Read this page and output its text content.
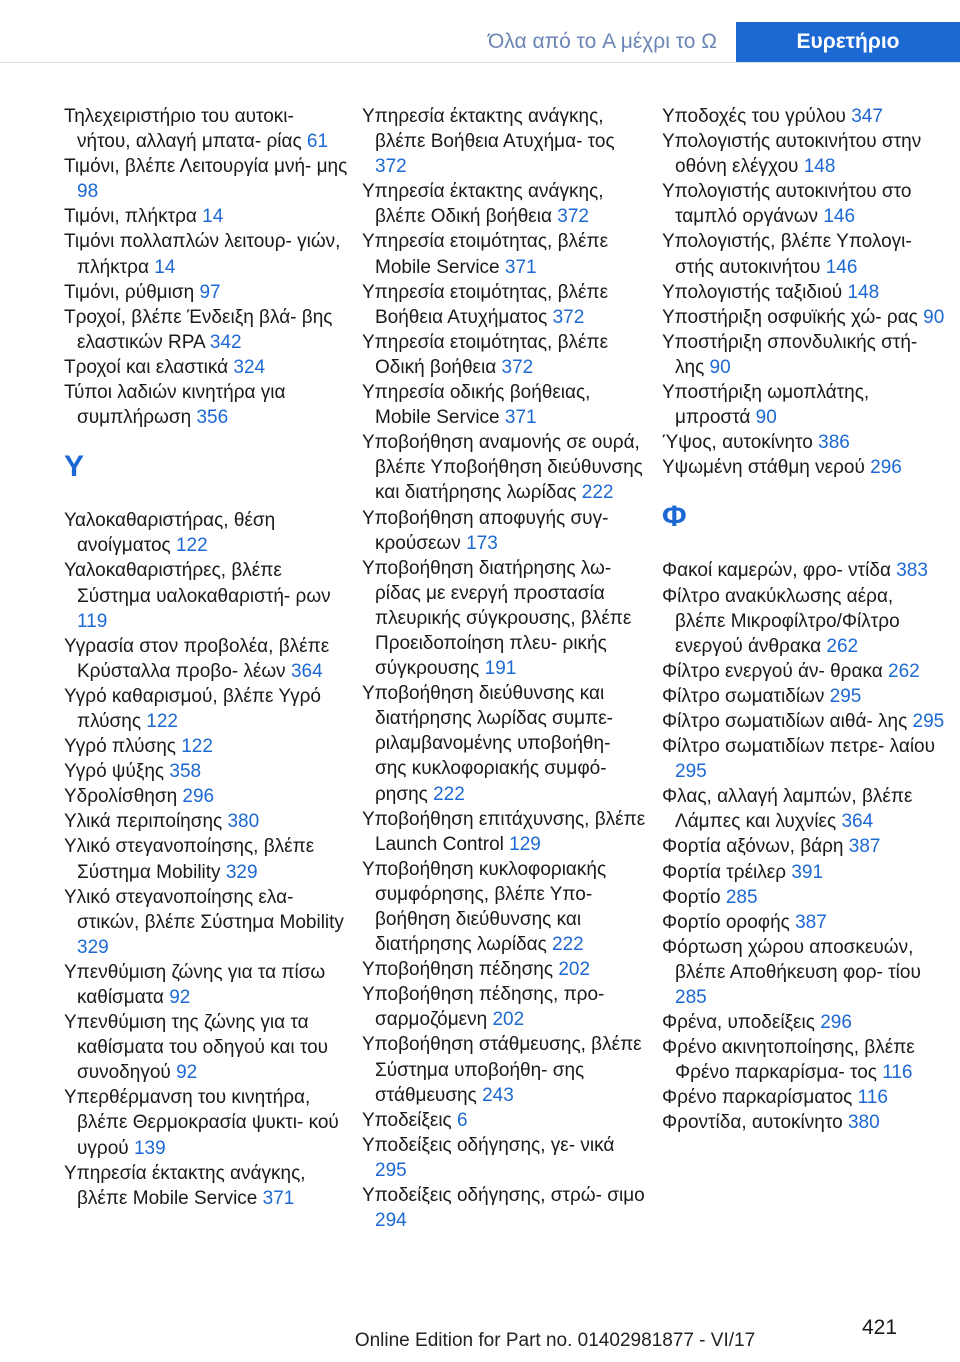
Όλα από το A μέχρι το Ω	Ευρετήριο
Τηλεχειριστήριο του αυτοκι‐ νήτου, αλλαγή μπατα‐ ρίας 61
Τιμόνι, βλέπε Λειτουργία μνή‐ μης 98
Τιμόνι, πλήκτρα 14
Τιμόνι πολλαπλών λειτουρ‐ γιών, πλήκτρα 14
Τιμόνι, ρύθμιση 97
Τροχοί, βλέπε Ένδειξη βλά‐ βης ελαστικών RPA 342
Τροχοί και ελαστικά 324
Τύποι λαδιών κινητήρα για συμπλήρωση 356
Υ
Υαλοκαθαριστήρας, θέση ανοίγματος 122
Υαλοκαθαριστήρες, βλέπε Σύστημα υαλοκαθαριστή‐ ρων 119
Υγρασία στον προβολέα, βλέπε Κρύσταλλα προβο‐ λέων 364
Υγρό καθαρισμού, βλέπε Υγρό πλύσης 122
Υγρό πλύσης 122
Υγρό ψύξης 358
Υδρολίσθηση 296
Υλικά περιποίησης 380
Υλικό στεγανοποίησης, βλέπε Σύστημα Mobility 329
Υλικό στεγανοποίησης ελα‐ στικών, βλέπε Σύστημα Mobility 329
Υπενθύμιση ζώνης για τα πίσω καθίσματα 92
Υπενθύμιση της ζώνης για τα καθίσματα του οδηγού και του συνοδηγού 92
Υπερθέρμανση του κινητήρα, βλέπε Θερμοκρασία ψυκτι‐ κού υγρού 139
Υπηρεσία έκτακτης ανάγκης, βλέπε Mobile Service 371
Υπηρεσία έκτακτης ανάγκης, βλέπε Βοήθεια Ατυχήμα‐ τος 372
Υπηρεσία έκτακτης ανάγκης, βλέπε Οδική βοήθεια 372
Υπηρεσία ετοιμότητας, βλέπε Mobile Service 371
Υπηρεσία ετοιμότητας, βλέπε Βοήθεια Ατυχήματος 372
Υπηρεσία ετοιμότητας, βλέπε Οδική βοήθεια 372
Υπηρεσία οδικής βοήθειας, Mobile Service 371
Υποβοήθηση αναμονής σε ουρά, βλέπε Υποβοήθηση διεύθυνσης και διατήρησης λωρίδας 222
Υποβοήθηση αποφυγής συγ‐ κρούσεων 173
Υποβοήθηση διατήρησης λω‐ ρίδας με ενεργή προστασία πλευρικής σύγκρουσης, βλέπε Προειδοποίηση πλευ‐ ρικής σύγκρουσης 191
Υποβοήθηση διεύθυνσης και διατήρησης λωρίδας συμπε‐ ριλαμβανομένης υποβοήθη‐ σης κυκλοφοριακής συμφό‐ ρησης 222
Υποβοήθηση επιτάχυνσης, βλέπε Launch Control 129
Υποβοήθηση κυκλοφοριακής συμφόρησης, βλέπε Υπο‐ βοήθηση διεύθυνσης και διατήρησης λωρίδας 222
Υποβοήθηση πέδησης 202
Υποβοήθηση πέδησης, προ‐ σαρμοζόμενη 202
Υποβοήθηση στάθμευσης, βλέπε Σύστημα υποβοήθη‐ σης στάθμευσης 243
Υποδείξεις 6
Υποδείξεις οδήγησης, γε‐ νικά 295
Υποδείξεις οδήγησης, στρώ‐ σιμο 294
Υποδοχές του γρύλου 347
Υπολογιστής αυτοκινήτου στην οθόνη ελέγχου 148
Υπολογιστής αυτοκινήτου στο ταμπλό οργάνων 146
Υπολογιστής, βλέπε Υπολογι‐ στής αυτοκινήτου 146
Υπολογιστής ταξιδιού 148
Υποστήριξη οσφυϊκής χώ‐ ρας 90
Υποστήριξη σπονδυλικής στή‐ λης 90
Υποστήριξη ωμοπλάτης, μπροστά 90
Ύψος, αυτοκίνητο 386
Υψωμένη στάθμη νερού 296
Φ
Φακοί καμερών, φρο‐ ντίδα 383
Φίλτρο ανακύκλωσης αέρα, βλέπε Μικροφίλτρο/Φίλτρο ενεργού άνθρακα 262
Φίλτρο ενεργού άν‐ θρακα 262
Φίλτρο σωματιδίων 295
Φίλτρο σωματιδίων αιθά‐ λης 295
Φίλτρο σωματιδίων πετρε‐ λαίου 295
Φλας, αλλαγή λαμπών, βλέπε Λάμπες και λυχνίες 364
Φορτία αξόνων, βάρη 387
Φορτία τρέιλερ 391
Φορτίο 285
Φορτίο οροφής 387
Φόρτωση χώρου αποσκευών, βλέπε Αποθήκευση φορ‐ τίου 285
Φρένα, υποδείξεις 296
Φρένο ακινητοποίησης, βλέπε Φρένο παρκαρίσμα‐ τος 116
Φρένο παρκαρίσματος 116
Φροντίδα, αυτοκίνητο 380
421
Online Edition for Part no. 01402981877 - VI/17
